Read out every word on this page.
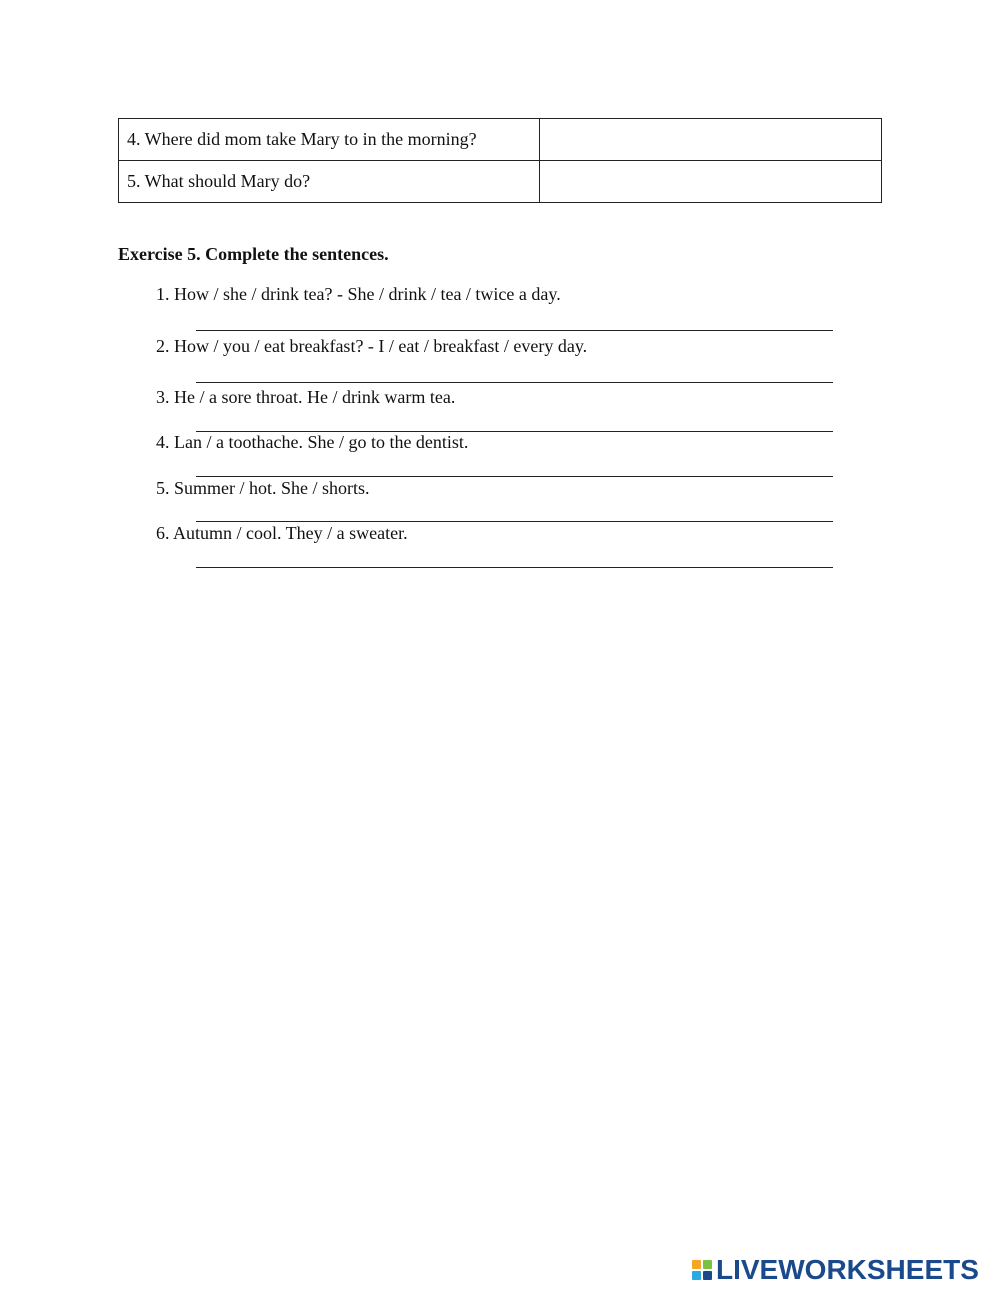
4. Where did mom take Mary to in the morning?	
5. What should Mary do?	
Exercise 5. Complete the sentences.
1. How / she / drink tea? - She / drink / tea / twice a day.
2. How / you / eat breakfast? - I / eat / breakfast / every day.
3. He / a sore throat. He / drink warm tea.
4. Lan / a toothache. She / go to the dentist.
5. Summer / hot. She / shorts.
6. Autumn / cool. They / a sweater.
LIVEWORKSHEETS
